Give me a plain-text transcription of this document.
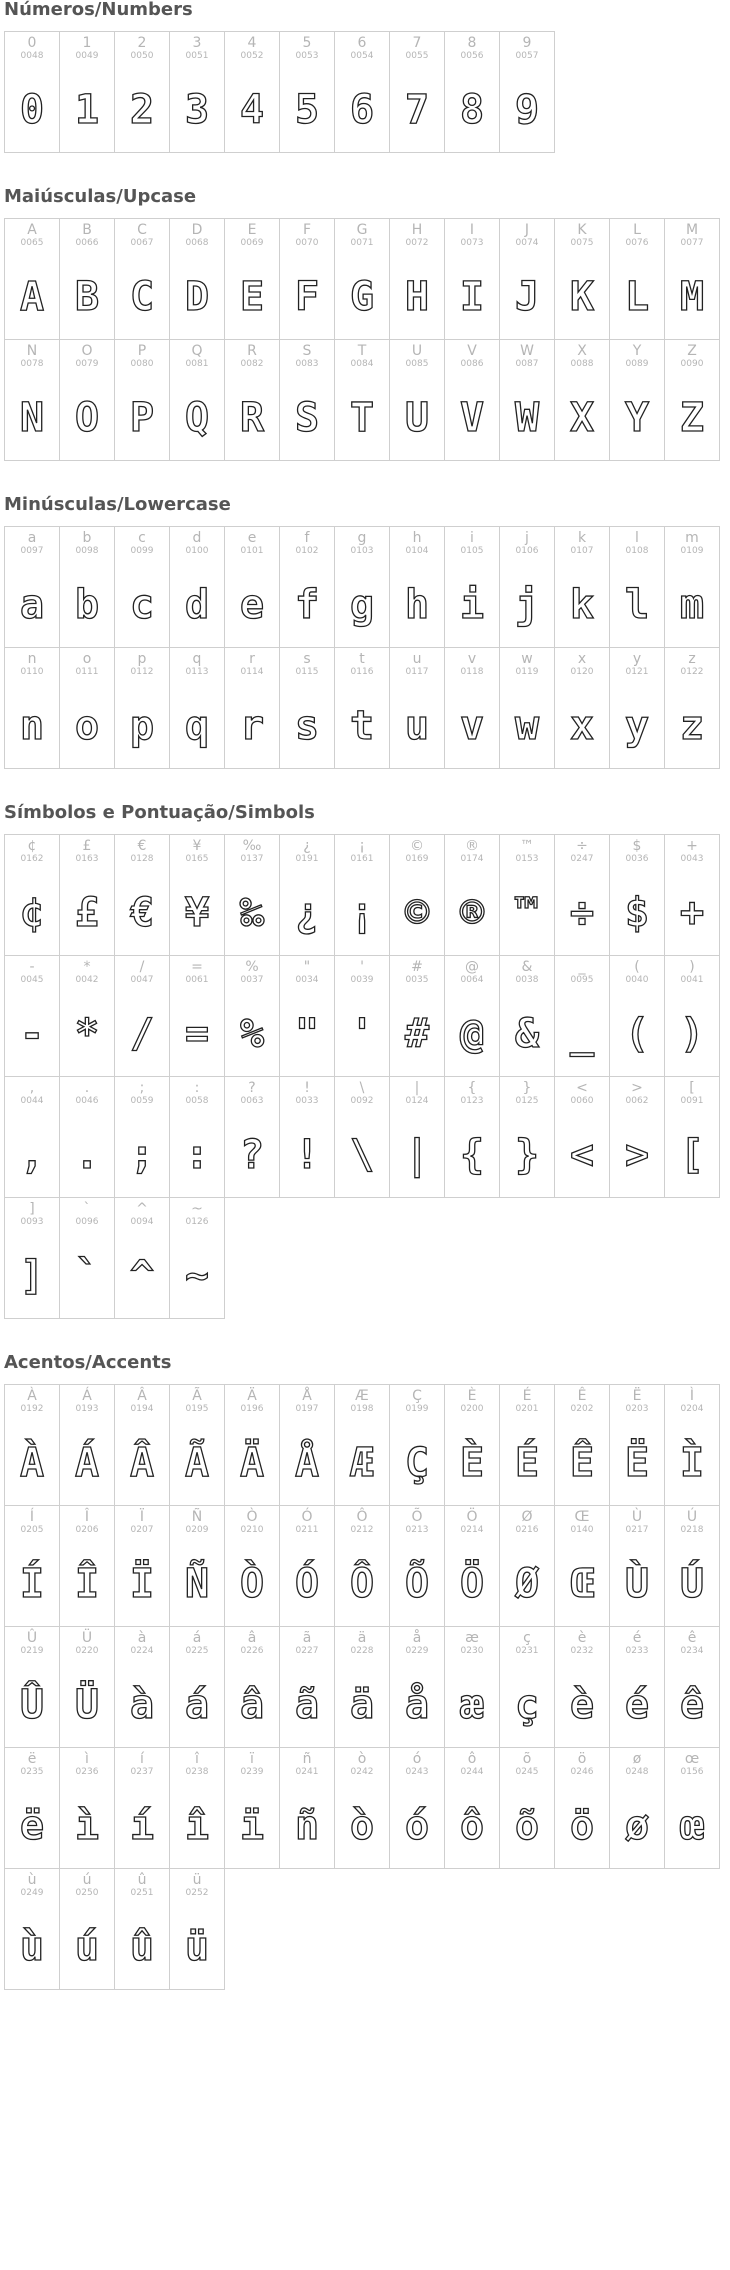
Números/Numbers
0
0048
0
1
0049
1
2
0050
2
3
0051
3
4
0052
4
5
0053
5
6
0054
6
7
0055
7
8
0056
8
9
0057
9
Maiúsculas/Upcase
A
0065
A
B
0066
B
C
0067
C
D
0068
D
E
0069
E
F
0070
F
G
0071
G
H
0072
H
I
0073
I
J
0074
J
K
0075
K
L
0076
L
M
0077
M
N
0078
N
O
0079
O
P
0080
P
Q
0081
Q
R
0082
R
S
0083
S
T
0084
T
U
0085
U
V
0086
V
W
0087
W
X
0088
X
Y
0089
Y
Z
0090
Z
Minúsculas/Lowercase
a
0097
a
b
0098
b
c
0099
c
d
0100
d
e
0101
e
f
0102
f
g
0103
g
h
0104
h
i
0105
i
j
0106
j
k
0107
k
l
0108
l
m
0109
m
n
0110
n
o
0111
o
p
0112
p
q
0113
q
r
0114
r
s
0115
s
t
0116
t
u
0117
u
v
0118
v
w
0119
w
x
0120
x
y
0121
y
z
0122
z
Símbolos e Pontuação/Simbols
¢
0162
¢
£
0163
£
€
0128
€
¥
0165
¥
‰
0137
‰
¿
0191
¿
¡
0161
¡
©
0169
©
®
0174
®
™
0153
™
÷
0247
÷
$
0036
$
+
0043
+
-
0045
-
*
0042
*
/
0047
/
=
0061
=
%
0037
%
"
0034
"
'
0039
'
#
0035
#
@
0064
@
&
0038
&
_
0095
_
(
0040
(
)
0041
)
,
0044
,
.
0046
.
;
0059
;
:
0058
:
?
0063
?
!
0033
!
\
0092
\
|
0124
|
{
0123
{
}
0125
}
<
0060
<
>
0062
>
[
0091
[
]
0093
]
`
0096
`
^
0094
^
~
0126
~
Acentos/Accents
À
0192
À
Á
0193
Á
Â
0194
Â
Ã
0195
Ã
Ä
0196
Ä
Å
0197
Å
Æ
0198
Æ
Ç
0199
Ç
È
0200
È
É
0201
É
Ê
0202
Ê
Ë
0203
Ë
Ì
0204
Ì
Í
0205
Í
Î
0206
Î
Ï
0207
Ï
Ñ
0209
Ñ
Ò
0210
Ò
Ó
0211
Ó
Ô
0212
Ô
Õ
0213
Õ
Ö
0214
Ö
Ø
0216
Ø
Œ
0140
Œ
Ù
0217
Ù
Ú
0218
Ú
Û
0219
Û
Ü
0220
Ü
à
0224
à
á
0225
á
â
0226
â
ã
0227
ã
ä
0228
ä
å
0229
å
æ
0230
æ
ç
0231
ç
è
0232
è
é
0233
é
ê
0234
ê
ë
0235
ë
ì
0236
ì
í
0237
í
î
0238
î
ï
0239
ï
ñ
0241
ñ
ò
0242
ò
ó
0243
ó
ô
0244
ô
õ
0245
õ
ö
0246
ö
ø
0248
ø
œ
0156
œ
ù
0249
ù
ú
0250
ú
û
0251
û
ü
0252
ü
